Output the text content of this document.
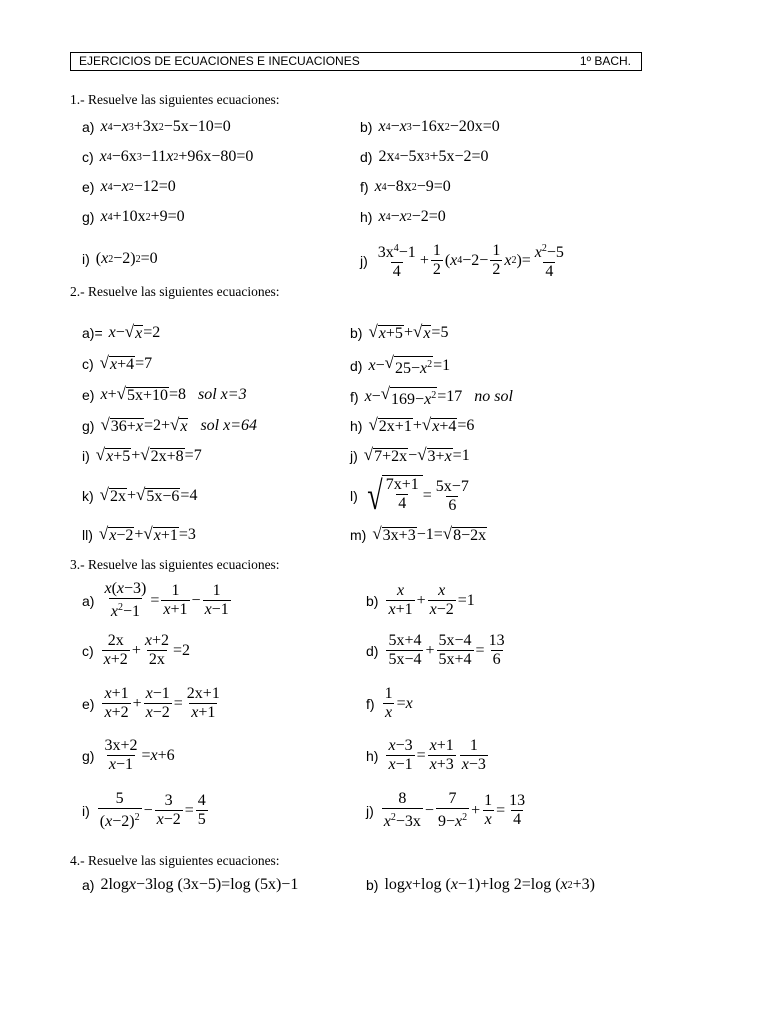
EJERCICIOS DE ECUACIONES E INECUACIONES	1º BACH.
1.- Resuelve las siguientes ecuaciones:
a) x 4 − x 3 +3x 2 −5x−10=0	b) x 4 − x 3 −16x 2 −20x=0
c) x 4 −6x 3 −11 x 2 +96x−80=0	d) 2x 4 −5x 3 +5x−2=0
e) x 4 − x 2 −12=0	f) x 4 −8x 2 −9=0
g) x 4 +10x 2 +9=0	h) x 4 − x 2 −2=0
i) ( x 2 −2) 2 =0	$j) \frac{3x^4-1}{4} + \frac{1}{2}$ ( x $4 -2- \frac{1}{2}$ x 2 )= $\frac{x^2-5}{4}$
2.- Resuelve las siguientes ecuaciones:
a)= x − √ x =2	b) √ x+5 + √ x =5
c) √ x+4 =7	d) x − √ $25-x^2 =1$
e) x + √ 5x+10 =8 sol x=3	f) x − √ $169-x^2 =17$ no sol
g) √ 36+x =2+ √ x sol x=64	h) √ 2x+1 + √ x+4 =6
i) √ x+5 + √ 2x+8 =7	j) √ 7+2x − √ 3+x =1
k) √ 2x + √ 5x−6 =4	l) √ $\frac{7x+1}{4} = \frac{5x-7}{6}$
ll) √ x−2 + √ x+1 =3	m) √ 3x+3 −1= √ 8−2x
3.- Resuelve las siguientes ecuaciones:
$a) \frac{x(x-3)}{x^2-1} = \frac{1}{x+1} - \frac{1}{x-1}$	$b) \frac{x}{x+1} + \frac{x}{x-2} =1$
$c) \frac{2x}{x+2} + \frac{x+2}{2x} =2$	$d) \frac{5x+4}{5x-4} + \frac{5x-4}{5x+4} = \frac{13}{6}$
$e) \frac{x+1}{x+2} + \frac{x-1}{x-2} = \frac{2x+1}{x+1}$	$f) \frac{1}{x} = x$
$g) \frac{3x+2}{x-1} = x +6$	$h) \frac{x-3}{x-1} = \frac{x+1}{x+3} \frac{1}{x-3}$
$i) \frac{5}{(x-2)^2} - \frac{3}{x-2} = \frac{4}{5}$	$j) \frac{8}{x^2-3x} - \frac{7}{9-x^2} + \frac{1}{x} = \frac{13}{4}$
4.- Resuelve las siguientes ecuaciones:
a) 2log x −3log (3x−5)=log (5x)−1	b) log x +log ( x −1)+log 2=log ( x 2 +3)
